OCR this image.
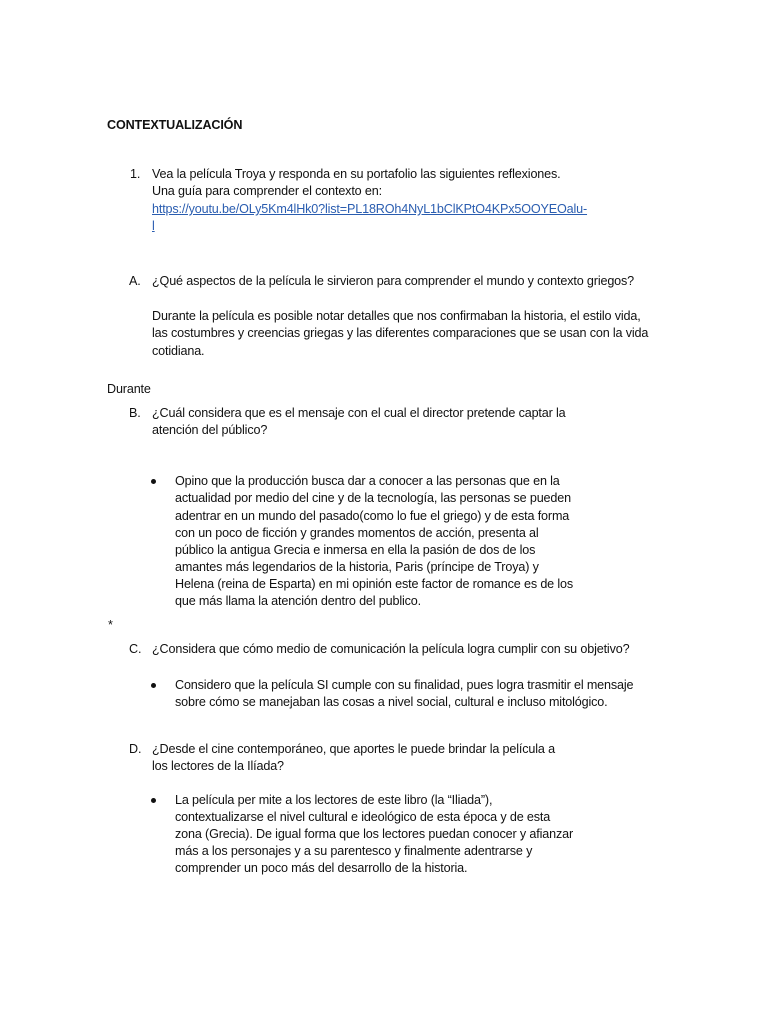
CONTEXTUALIZACIÓN
1. Vea la película Troya y responda en su portafolio las siguientes reflexiones.
Una guía para comprender el contexto en:
https://youtu.be/OLy5Km4lHk0?list=PL18ROh4NyL1bClKPtO4KPx5OOYEOalu-
l
A. ¿Qué aspectos de la película le sirvieron para comprender el mundo y contexto griegos?
Durante la película es posible notar detalles que nos confirmaban la historia, el estilo vida,
las costumbres y creencias griegas y las diferentes comparaciones que se usan con la vida
cotidiana.
Durante
B. ¿Cuál considera que es el mensaje con el cual el director pretende captar la
atención del público?
Opino que la producción busca dar a conocer a las personas que en la
actualidad por medio del cine y de la tecnología, las personas se pueden
adentrar en un mundo del pasado(como lo fue el griego) y de esta forma
con un poco de ficción y grandes momentos de acción, presenta al
público la antigua Grecia e inmersa en ella la pasión de dos de los
amantes más legendarios de la historia, Paris (príncipe de Troya) y
Helena (reina de Esparta) en mi opinión este factor de romance es de los
que más llama la atención dentro del publico.
*
C. ¿Considera que cómo medio de comunicación la película logra cumplir con su objetivo?
Considero que la película SI cumple con su finalidad, pues logra trasmitir el mensaje
sobre cómo se manejaban las cosas a nivel social, cultural e incluso mitológico.
D. ¿Desde el cine contemporáneo, que aportes le puede brindar la película a
los lectores de la Ilíada?
La película per mite a los lectores de este libro (la “Iliada”),
contextualizarse el nivel cultural e ideológico de esta época y de esta
zona (Grecia). De igual forma que los lectores puedan conocer y afianzar
más a los personajes y a su parentesco y finalmente adentrarse y
comprender un poco más del desarrollo de la historia.
